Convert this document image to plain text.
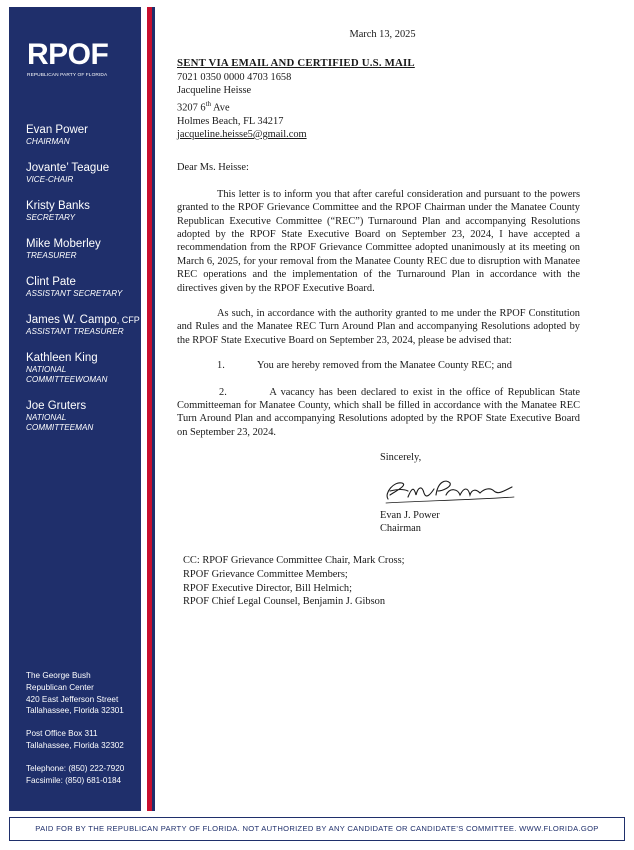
RPOF
REPUBLICAN PARTY OF FLORIDA
Evan Power
CHAIRMAN
Jovante’ Teague
VICE-CHAIR
Kristy Banks
SECRETARY
Mike Moberley
TREASURER
Clint Pate
ASSISTANT SECRETARY
James W. Campo, CFP
ASSISTANT TREASURER
Kathleen King
NATIONAL
COMMITTEEWOMAN
Joe Gruters
NATIONAL
COMMITTEEMAN
The George Bush
Republican Center
420 East Jefferson Street
Tallahassee, Florida 32301
Post Office Box 311
Tallahassee, Florida 32302
Telephone: (850) 222-7920
Facsimile: (850) 681-0184
March 13, 2025
SENT VIA EMAIL AND CERTIFIED U.S. MAIL
7021 0350 0000 4703 1658
Jacqueline Heisse
3207 6th Ave
Holmes Beach, FL 34217
jacqueline.heisse5@gmail.com
Dear Ms. Heisse:

This letter is to inform you that after careful consideration and pursuant to the powers granted to the RPOF Grievance Committee and the RPOF Chairman under the Manatee County Republican Executive Committee (“REC”) Turnaround Plan and accompanying Resolutions adopted by the RPOF State Executive Board on September 23, 2024, I have accepted a recommendation from the RPOF Grievance Committee adopted unanimously at its meeting on March 6, 2025, for your removal from the Manatee County REC due to disruption with Manatee REC operations and the implementation of the Turnaround Plan in accordance with the directives given by the RPOF Executive Board.

As such, in accordance with the authority granted to me under the RPOF Constitution and Rules and the Manatee REC Turn Around Plan and accompanying Resolutions adopted by the RPOF State Executive Board on September 23, 2024, please be advised that:

1.	You are hereby removed from the Manatee County REC; and

2.          A vacancy has been declared to exist in the office of Republican State Committeeman for Manatee County, which shall be filled in accordance with the Manatee REC Turn Around Plan and accompanying Resolutions adopted by the RPOF State Executive Board on September 23, 2024.

Sincerely,
Evan J. Power
Chairman
CC: RPOF Grievance Committee Chair, Mark Cross;
RPOF Grievance Committee Members;
RPOF Executive Director, Bill Helmich;
RPOF Chief Legal Counsel, Benjamin J. Gibson
PAID FOR BY THE REPUBLICAN PARTY OF FLORIDA. NOT AUTHORIZED BY ANY CANDIDATE OR CANDIDATE’S COMMITTEE. WWW.FLORIDA.GOP
